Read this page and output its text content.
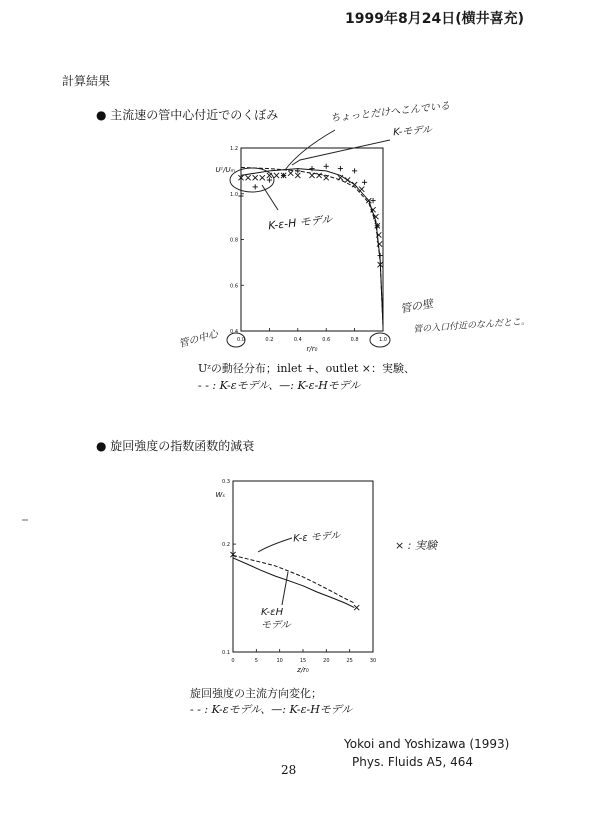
1999年8月24日(横井喜充)
計算結果
● 主流速の管中心付近でのくぼみ	ちょっとだけへこんでいる
K-モデル
K-ε-H モデル
管の中心
管の壁
管の入口付近のなんだとこ。
Uᶻの動径分布；inlet +、outlet ×：実験、
- - : K-εモデル、—: K-ε-Hモデル
● 旋回強度の指数函数的減衰
K-ε モデル
K-εH
モデル
× : 実験
旋回強度の主流方向変化；
- - : K-εモデル、—: K-ε-Hモデル
Yokoi and Yoshizawa (1993)
Phys. Fluids A5, 464
28
0.0	0.2	0.4	0.6	0.8	1.0
0.4
0.6
0.8
1.0
1.2
r/r₀
Uᶻ/Uₘ
0	5	10	15	20	25	30
0.1
0.2
0.3
z/r₀
Wₛ
